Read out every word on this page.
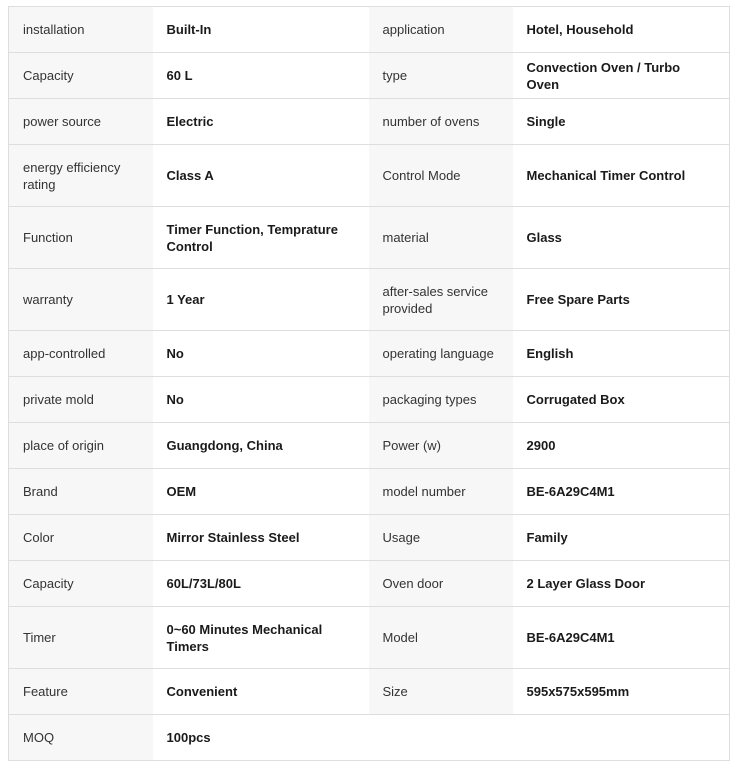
installation	Built-In	application	Hotel, Household
Capacity	60 L	type	Convection Oven / Turbo Oven
power source	Electric	number of ovens	Single
energy efficiency rating	Class A	Control Mode	Mechanical Timer Control
Function	Timer Function, Temprature Control	material	Glass
warranty	1 Year	after-sales service provided	Free Spare Parts
app-controlled	No	operating language	English
private mold	No	packaging types	Corrugated Box
place of origin	Guangdong, China	Power (w)	2900
Brand	OEM	model number	BE-6A29C4M1
Color	Mirror Stainless Steel	Usage	Family
Capacity	60L/73L/80L	Oven door	2 Layer Glass Door
Timer	0~60 Minutes Mechanical Timers	Model	BE-6A29C4M1
Feature	Convenient	Size	595x575x595mm
MOQ	100pcs		
